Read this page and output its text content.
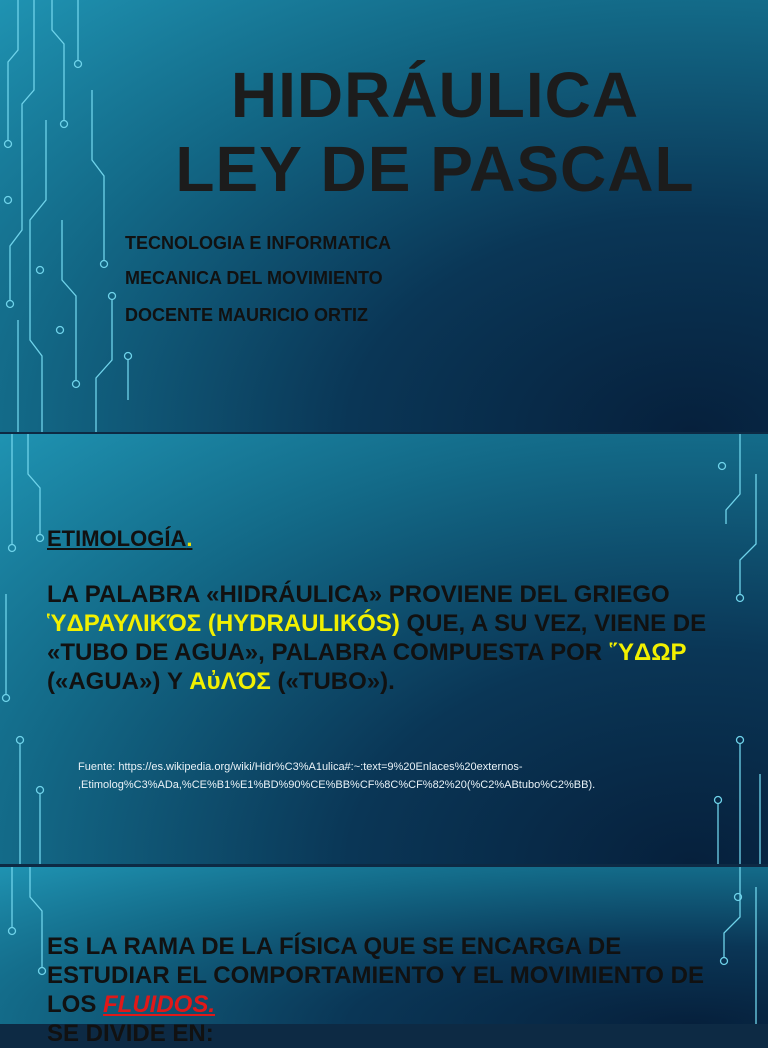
HIDRÁULICA
LEY DE PASCAL
TECNOLOGIA E INFORMATICA
MECANICA DEL MOVIMIENTO
DOCENTE MAURICIO ORTIZ
ETIMOLOGÍA.
LA PALABRA «HIDRÁULICA» PROVIENE DEL GRIEGO ὙΔΡΑΥΛΙΚΌΣ (HYDRAULIKÓS) QUE, A SU VEZ, VIENE DE «TUBO DE AGUA», PALABRA COMPUESTA POR ὝΔΩΡ («AGUA») Y ΑὐΛΌΣ («TUBO»).
Fuente: https://es.wikipedia.org/wiki/Hidr%C3%A1ulica#:~:text=9%20Enlaces%20externos-
,Etimolog%C3%ADa,%CE%B1%E1%BD%90%CE%BB%CF%8C%CF%82%20(%C2%ABtubo%C2%BB).
ES LA RAMA DE LA FÍSICA QUE SE ENCARGA DE ESTUDIAR EL COMPORTAMIENTO Y EL MOVIMIENTO DE LOS FLUIDOS.
SE DIVIDE EN:
